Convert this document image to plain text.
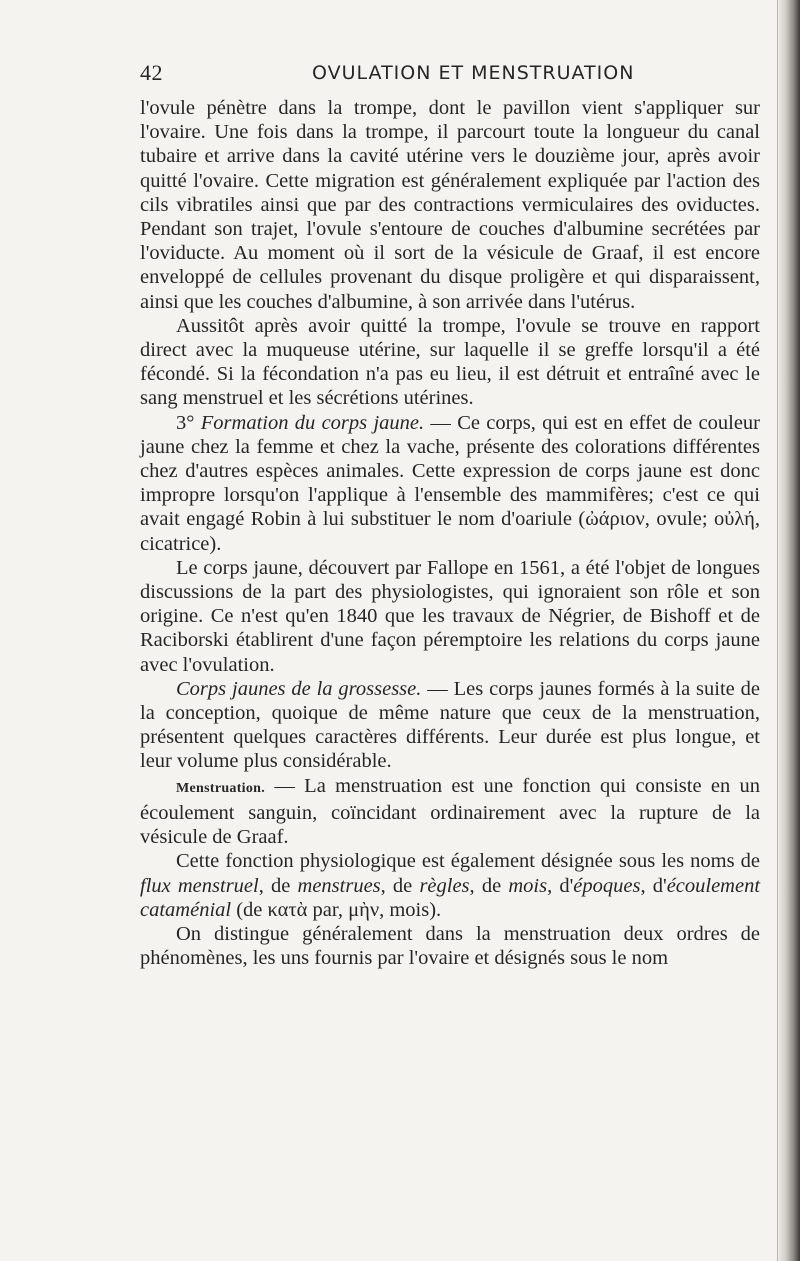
42	OVULATION ET MENSTRUATION

l'ovule pénètre dans la trompe, dont le pavillon vient s'appliquer sur l'ovaire. Une fois dans la trompe, il parcourt toute la longueur du canal tubaire et arrive dans la cavité utérine vers le douzième jour, après avoir quitté l'ovaire. Cette migration est généralement expliquée par l'action des cils vibratiles ainsi que par des contractions vermiculaires des oviductes. Pendant son trajet, l'ovule s'entoure de couches d'albumine secrétées par l'oviducte. Au moment où il sort de la vésicule de Graaf, il est encore enveloppé de cellules provenant du disque proligère et qui disparaissent, ainsi que les couches d'albumine, à son arrivée dans l'utérus.

Aussitôt après avoir quitté la trompe, l'ovule se trouve en rapport direct avec la muqueuse utérine, sur laquelle il se greffe lorsqu'il a été fécondé. Si la fécondation n'a pas eu lieu, il est détruit et entraîné avec le sang menstruel et les sécrétions utérines.

3° Formation du corps jaune. — Ce corps, qui est en effet de couleur jaune chez la femme et chez la vache, présente des colorations différentes chez d'autres espèces animales. Cette expression de corps jaune est donc impropre lorsqu'on l'applique à l'ensemble des mammifères; c'est ce qui avait engagé Robin à lui substituer le nom d'oariule (ὠάριον, ovule; οὐλή, cicatrice).

Le corps jaune, découvert par Fallope en 1561, a été l'objet de longues discussions de la part des physiologistes, qui ignoraient son rôle et son origine. Ce n'est qu'en 1840 que les travaux de Négrier, de Bishoff et de Raciborski établirent d'une façon péremptoire les relations du corps jaune avec l'ovulation.

Corps jaunes de la grossesse. — Les corps jaunes formés à la suite de la conception, quoique de même nature que ceux de la menstruation, présentent quelques caractères différents. Leur durée est plus longue, et leur volume plus considérable.

Menstruation. — La menstruation est une fonction qui consiste en un écoulement sanguin, coïncidant ordinairement avec la rupture de la vésicule de Graaf.

Cette fonction physiologique est également désignée sous les noms de flux menstruel, de menstrues, de règles, de mois, d'époques, d'écoulement cataménial (de κατὰ par, μὴν, mois).

On distingue généralement dans la menstruation deux ordres de phénomènes, les uns fournis par l'ovaire et désignés sous le nom
